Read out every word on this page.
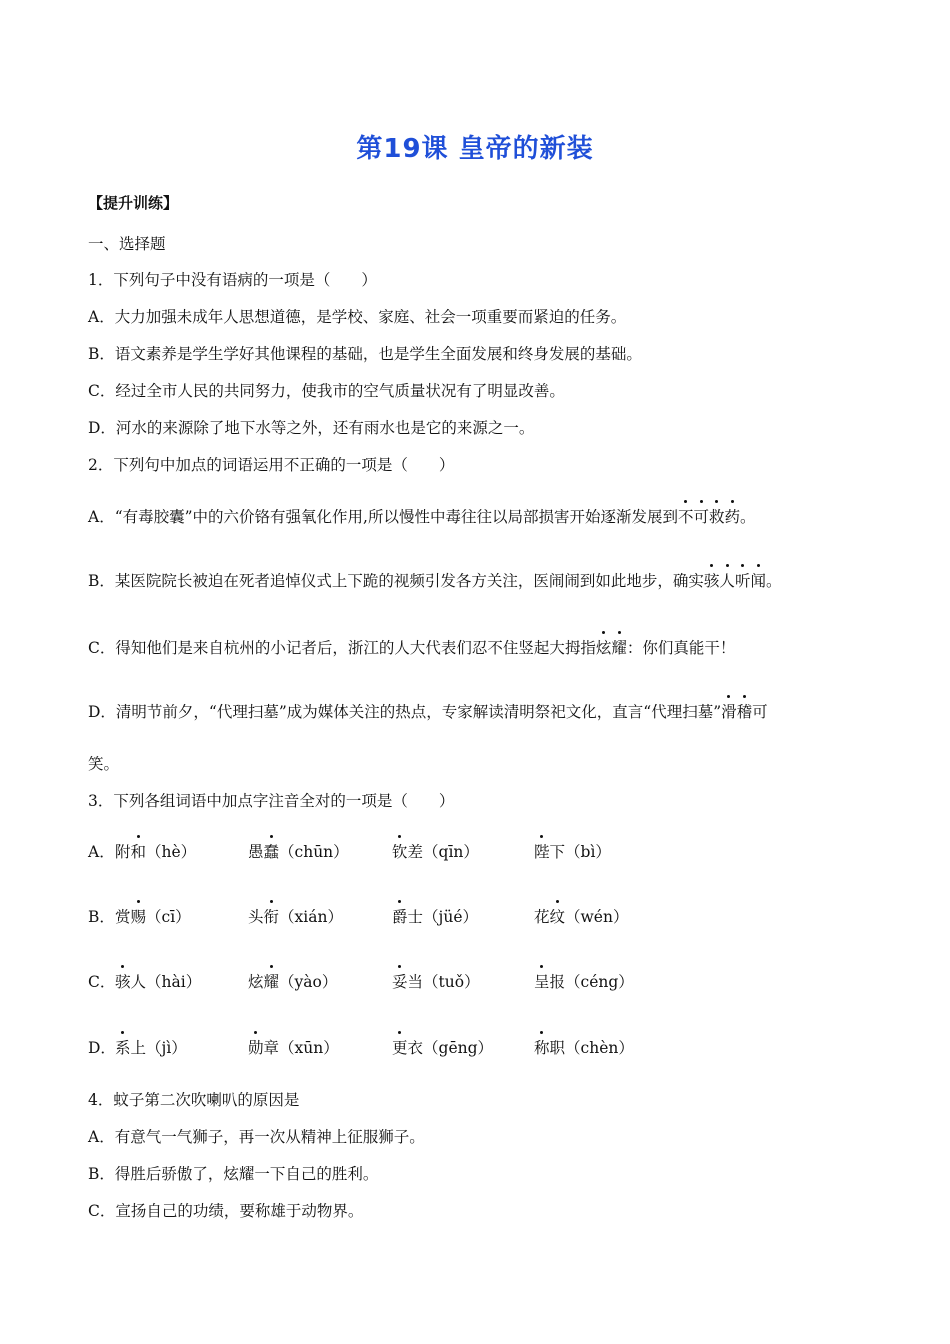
第19课 皇帝的新装
【提升训练】
一、选择题
1．下列句子中没有语病的一项是（　　）
A．大力加强未成年人思想道德，是学校、家庭、社会一项重要而紧迫的任务。
B．语文素养是学生学好其他课程的基础，也是学生全面发展和终身发展的基础。
C．经过全市人民的共同努力，使我市的空气质量状况有了明显改善。
D．河水的来源除了地下水等之外，还有雨水也是它的来源之一。
2．下列句中加点的词语运用不正确的一项是（　　）
A．“有毒胶囊”中的六价铬有强氧化作用,所以慢性中毒往往以局部损害开始逐渐发展到不可救药。
B．某医院院长被迫在死者追悼仪式上下跪的视频引发各方关注，医闹闹到如此地步，确实骇人听闻。
C．得知他们是来自杭州的小记者后，浙江的人大代表们忍不住竖起大拇指炫耀：你们真能干！
D．清明节前夕，“代理扫墓”成为媒体关注的热点，专家解读清明祭祀文化，直言“代理扫墓”滑稽可
笑。
3．下列各组词语中加点字注音全对的一项是（　　）
A． 附和（hè）	愚蠢（chūn）	钦差（qīn）	陛下（bì）
B． 赏赐（cī）	头衔（xián）	爵士（jüé）	花纹（wén）
C． 骇人（hài）	炫耀（yào）	妥当（tuǒ）	呈报（céng）
D． 系上（jì）	勋章（xūn）	更衣（gēng）	称职（chèn）
4．蚊子第二次吹喇叭的原因是
A．有意气一气狮子，再一次从精神上征服狮子。
B．得胜后骄傲了，炫耀一下自己的胜利。
C．宣扬自己的功绩，要称雄于动物界。
